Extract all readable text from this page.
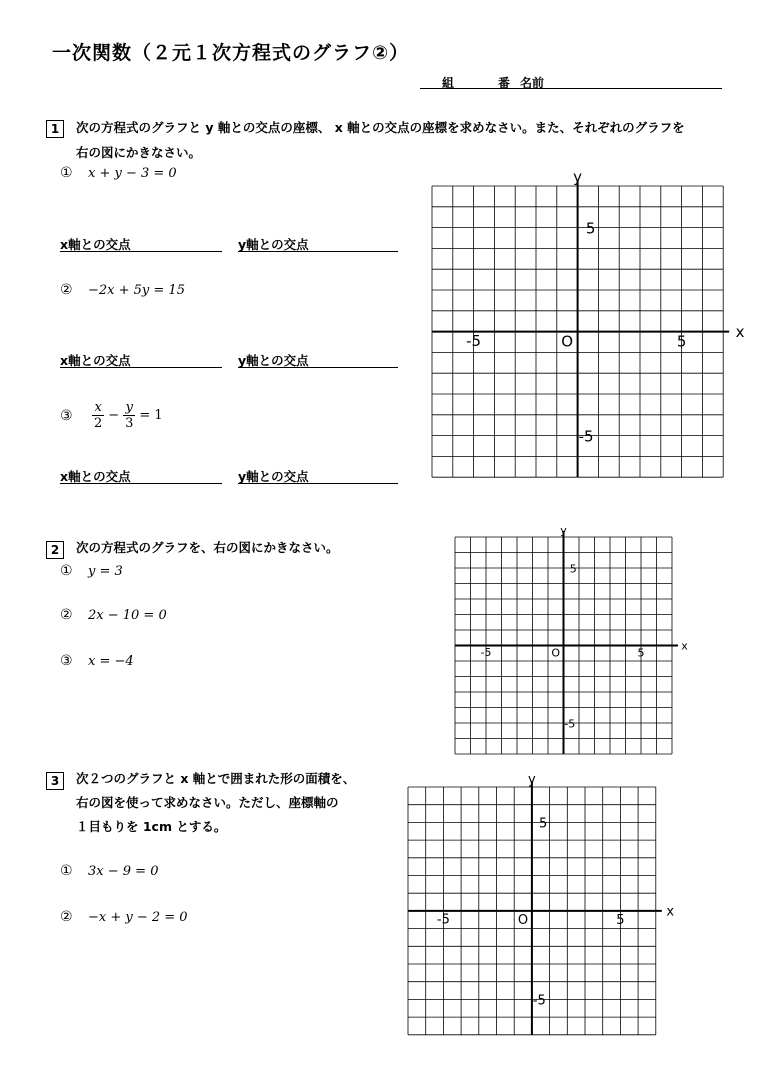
一次関数（２元１次方程式のグラフ②）
組	番 名前
1	次の方程式のグラフと y 軸との交点の座標、 x 軸との交点の座標を求めなさい。また、それぞれのグラフを
右の図にかきなさい。
① x + y − 3 = 0
x軸との交点	y軸との交点
② −2x + 5y = 15
x軸との交点	y軸との交点
③ $\frac{x}{2} - \frac{y}{3} = 1$
x軸との交点	y軸との交点
2	次の方程式のグラフを、右の図にかきなさい。
① y = 3
② 2x − 10 = 0
③ x = −4
3	次２つのグラフと x 軸とで囲まれた形の面積を、
右の図を使って求めなさい。ただし、座標軸の
１目もりを 1cm とする。
① 3x − 9 = 0
② −x + y − 2 = 0
x
y
O	5
-5
5
-5
x
y
O	5
-5
5
-5
x
y
O	5
-5
5
-5
